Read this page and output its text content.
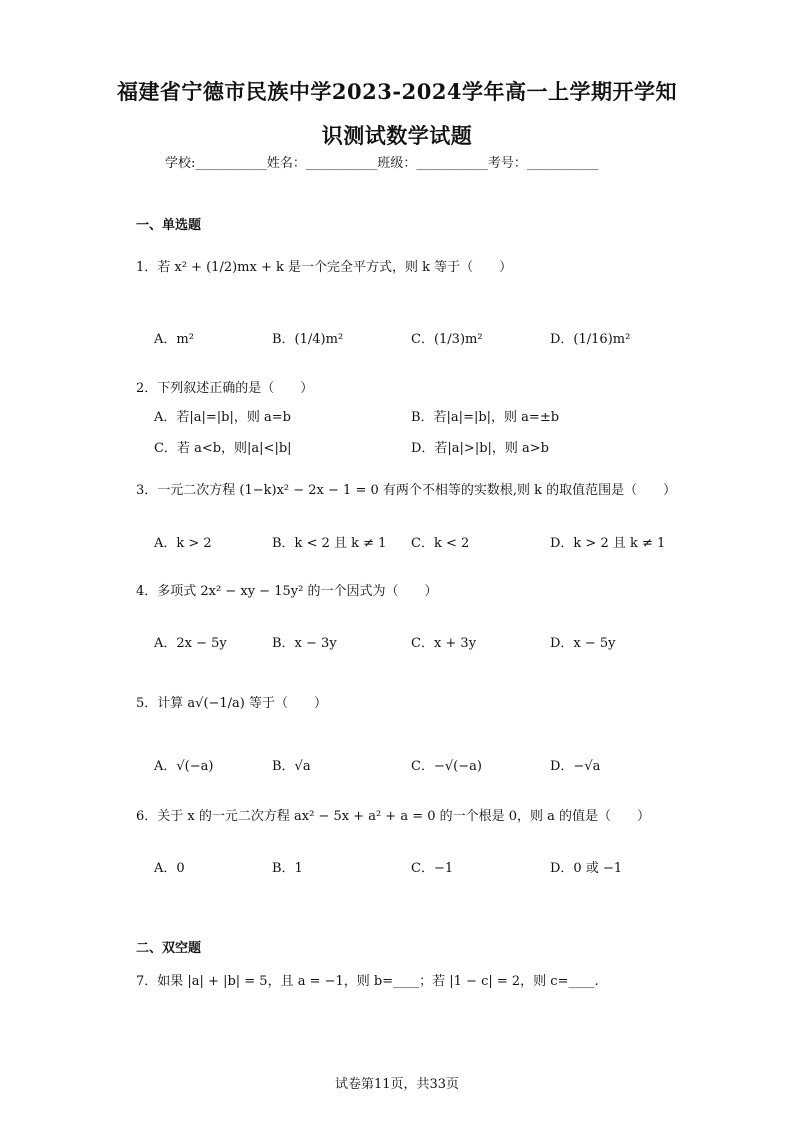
福建省宁德市民族中学2023-2024学年高一上学期开学知
识测试数学试题
学校:___________姓名：___________班级：___________考号：___________
一、单选题
1．若 x² + (1/2)mx + k 是一个完全平方式，则 k 等于（　　）
A．m²	B．(1/4)m²	C．(1/3)m²	D．(1/16)m²
2．下列叙述正确的是（　　）
A．若|a|=|b|，则 a=b	B．若|a|=|b|，则 a=±b
C．若 a<b，则|a|<|b|	D．若|a|>|b|，则 a>b
3．一元二次方程 (1−k)x² − 2x − 1 = 0 有两个不相等的实数根,则 k 的取值范围是（　　）
A．k > 2	B．k < 2 且 k ≠ 1 C．k < 2	D．k > 2 且 k ≠ 1
4．多项式 2x² − xy − 15y² 的一个因式为（　　）
A．2x − 5y	B．x − 3y	C．x + 3y	D．x − 5y
5．计算 a√(−1/a) 等于（　　）
A．√(−a)	B．√a	C．−√(−a)	D．−√a
6．关于 x 的一元二次方程 ax² − 5x + a² + a = 0 的一个根是 0，则 a 的值是（　　）
A．0	B．1	C．−1	D．0 或 −1
二、双空题
7．如果 |a| + |b| = 5，且 a = −1，则 b=____；若 |1 − c| = 2，则 c=____.
试卷第11页，共33页
